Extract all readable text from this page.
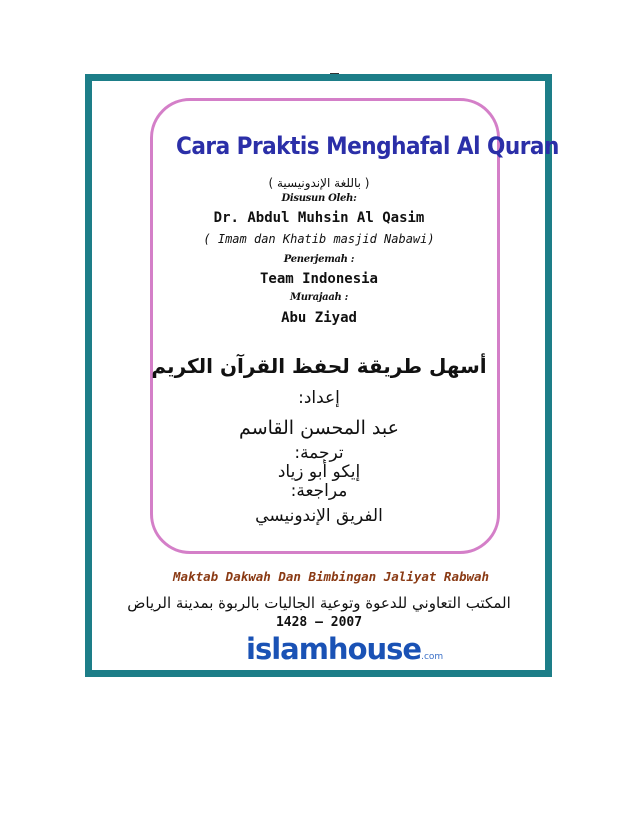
Cara Praktis Menghafal Al Quran
( باللغة الإندونيسية )
Disusun Oleh:
Dr. Abdul Muhsin Al Qasim
( Imam dan Khatib masjid Nabawi)
Penerjemah :
Team Indonesia
Murajaah :
Abu Ziyad
أسهل طريقة لحفظ القرآن الكريم
إعداد:
عبد المحسن القاسم
ترجمة:
إيكو أبو زياد
مراجعة:
الفريق الإندونيسي
Maktab Dakwah Dan Bimbingan Jaliyat Rabwah
المكتب التعاوني للدعوة وتوعية الجاليات بالربوة بمدينة الرياض
1428 – 2007
islamhouse.com
